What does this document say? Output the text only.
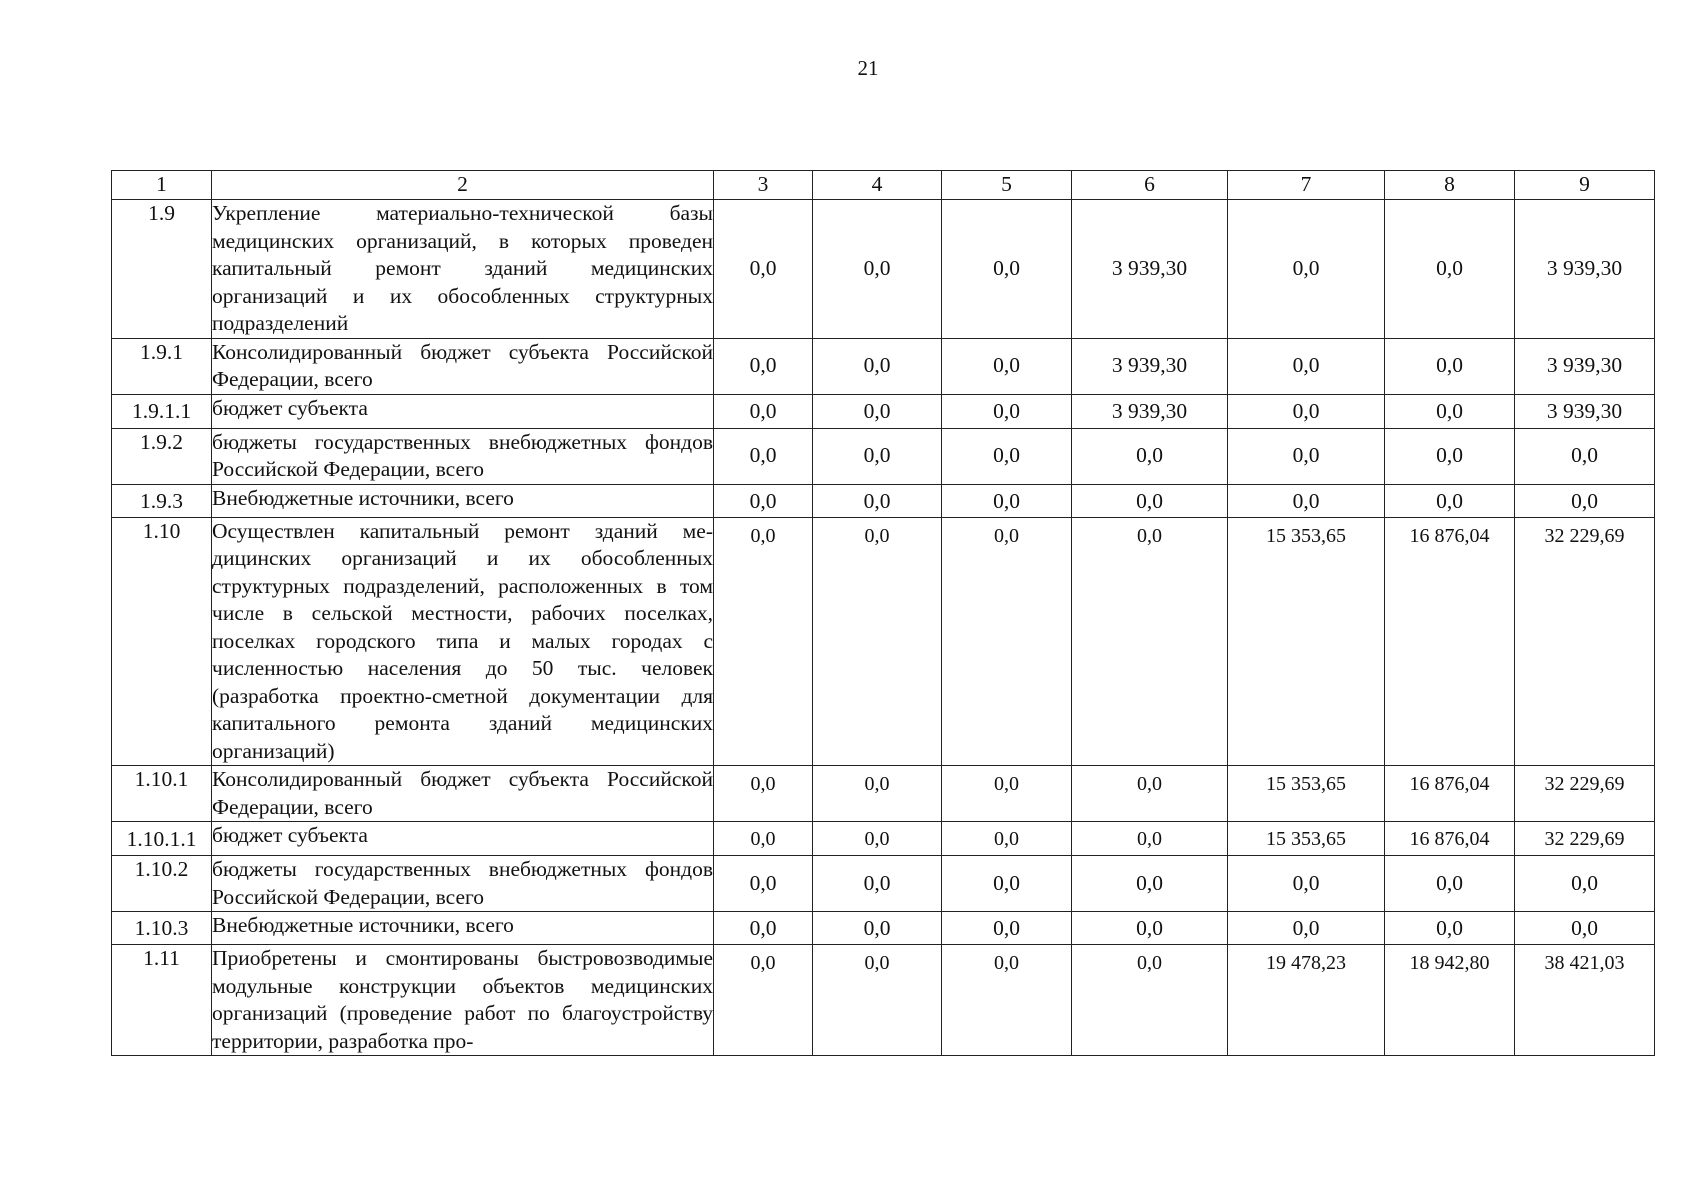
21
1	2	3	4	5	6	7	8	9
1.9	Укрепление материально-технической базы медицинских организаций, в которых проведен капитальный ремонт зданий медицинских организаций и их обособленных структурных подразделений	0,0	0,0	0,0	3 939,30	0,0	0,0	3 939,30
1.9.1	Консолидированный бюджет субъекта Российской Федерации, всего	0,0	0,0	0,0	3 939,30	0,0	0,0	3 939,30
1.9.1.1	бюджет субъекта	0,0	0,0	0,0	3 939,30	0,0	0,0	3 939,30
1.9.2	бюджеты государственных внебюджетных фондов Российской Федерации, всего	0,0	0,0	0,0	0,0	0,0	0,0	0,0
1.9.3	Внебюджетные источники, всего	0,0	0,0	0,0	0,0	0,0	0,0	0,0
1.10	Осуществлен капитальный ремонт зданий медицинских организаций и их обособленных структурных подразделений, расположенных в том числе в сельской местности, рабочих поселках, поселках городского типа и малых городах с численностью населения до 50 тыс. человек (разработка проектно-сметной документации для капитального ремонта зданий медицинских организаций)	0,0	0,0	0,0	0,0	15 353,65	16 876,04	32 229,69
1.10.1	Консолидированный бюджет субъекта Российской Федерации, всего	0,0	0,0	0,0	0,0	15 353,65	16 876,04	32 229,69
1.10.1.1	бюджет субъекта	0,0	0,0	0,0	0,0	15 353,65	16 876,04	32 229,69
1.10.2	бюджеты государственных внебюджетных фондов Российской Федерации, всего	0,0	0,0	0,0	0,0	0,0	0,0	0,0
1.10.3	Внебюджетные источники, всего	0,0	0,0	0,0	0,0	0,0	0,0	0,0
1.11	Приобретены и смонтированы быстровозводимые модульные конструкции объектов медицинских организаций (проведение работ по благоустройству территории, разработка про-	0,0	0,0	0,0	0,0	19 478,23	18 942,80	38 421,03
